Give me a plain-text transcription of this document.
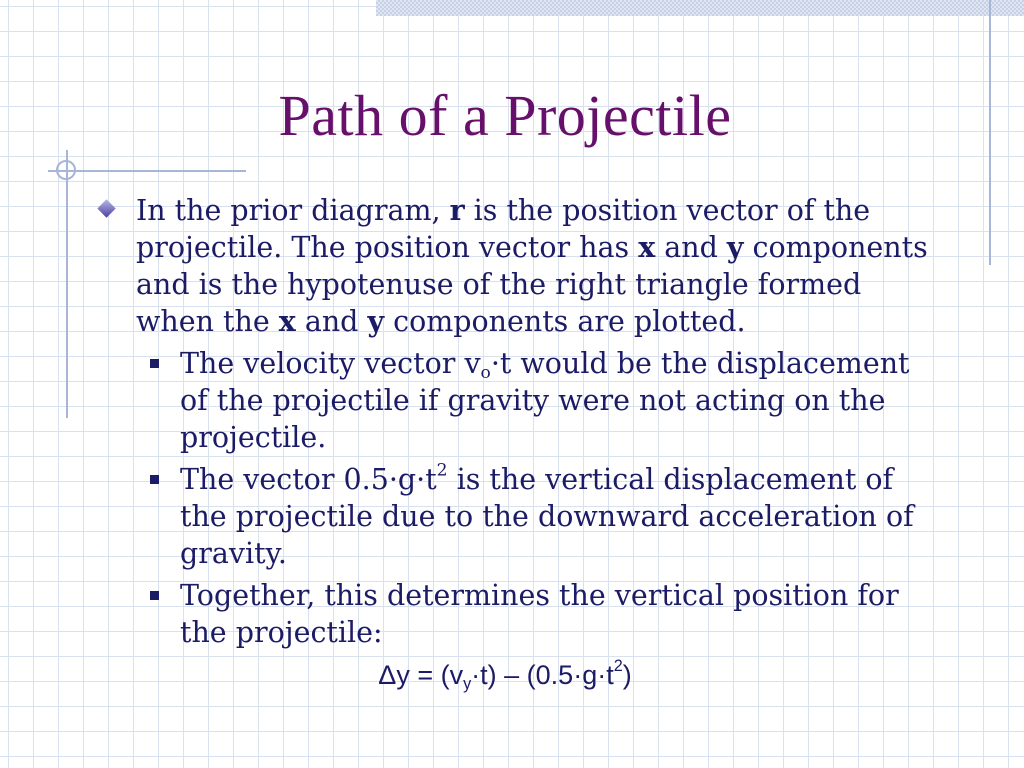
Path of a Projectile
In the prior diagram, r is the position vector of the projectile. The position vector has x and y components and is the hypotenuse of the right triangle formed when the x and y components are plotted.
The velocity vector $v_o\cdot t$ would be the displacement of the projectile if gravity were not acting on the projectile.
The vector $0.5\cdot g\cdot t^2$ is the vertical displacement of the projectile due to the downward acceleration of gravity.
Together, this determines the vertical position for the projectile:
$\Delta y = (v_y\cdot t) - (0.5\cdot g\cdot t^2)$
